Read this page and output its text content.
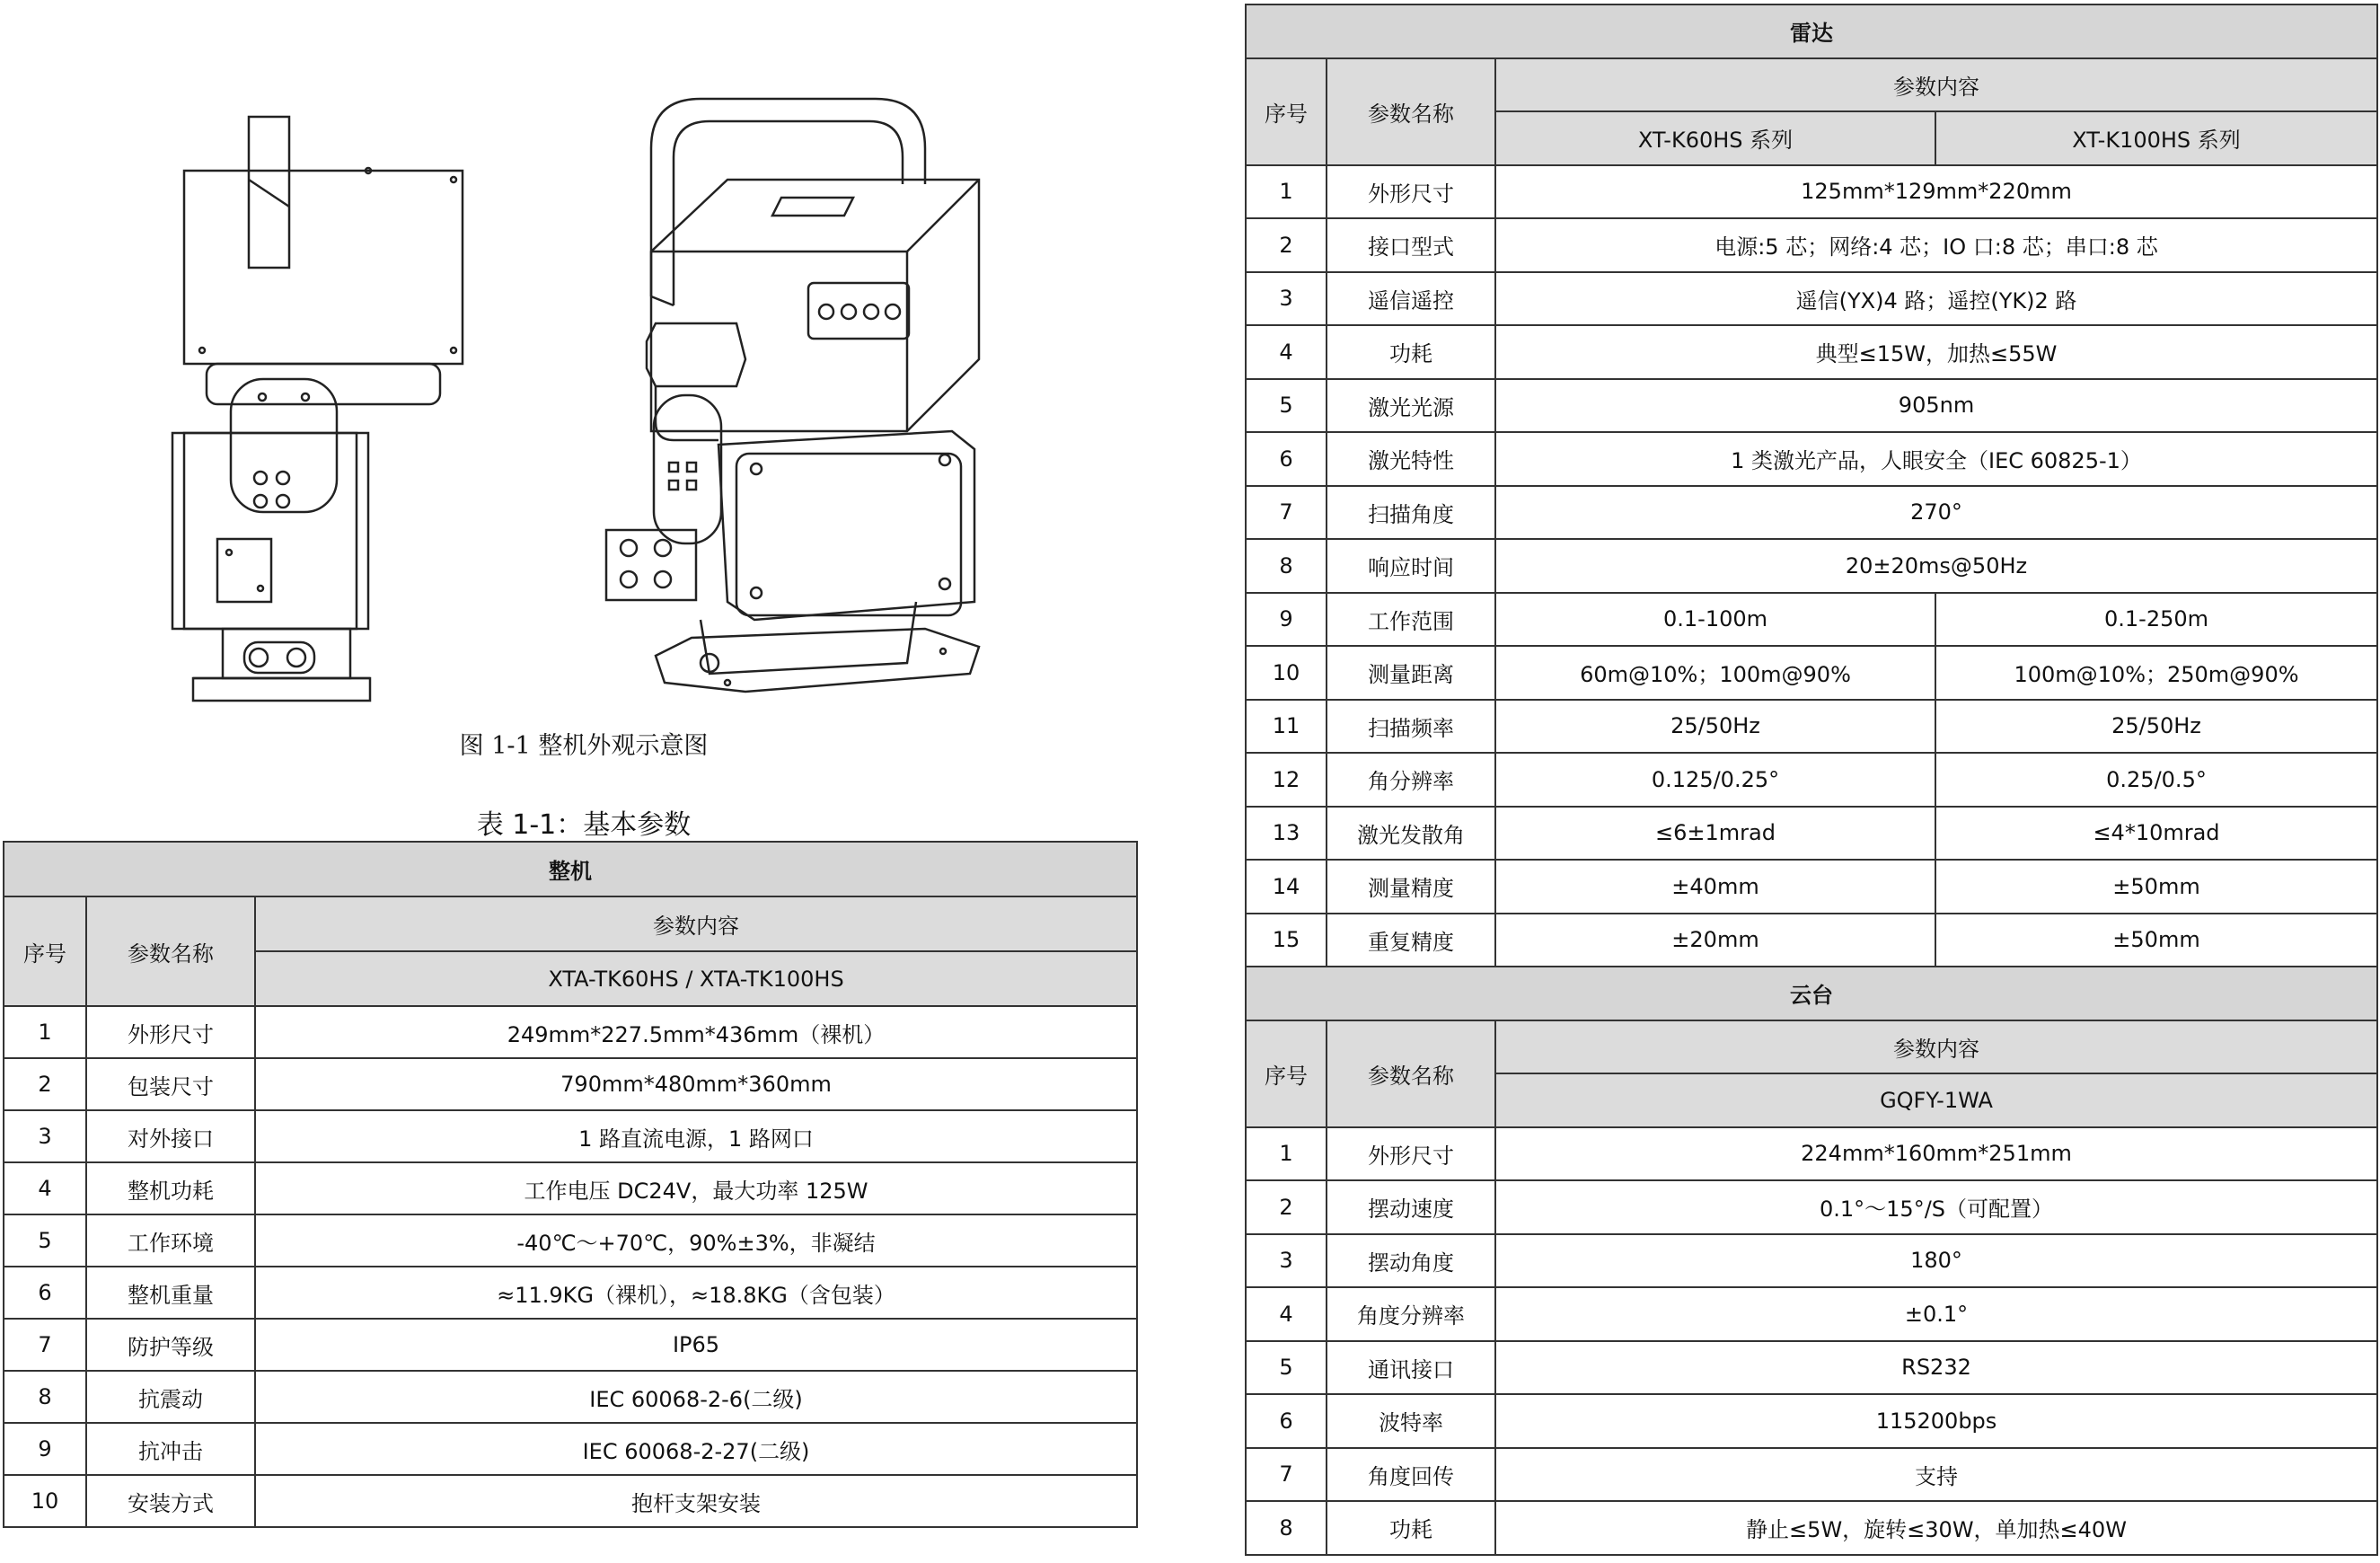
图 1-1 整机外观示意图
表 1-1：基本参数
整机		
序号	参数名称	参数内容
		XTA-TK60HS / XTA-TK100HS
1	外形尺寸	249mm*227.5mm*436mm（裸机）
2	包装尺寸	790mm*480mm*360mm
3	对外接口	1 路直流电源，1 路网口
4	整机功耗	工作电压 DC24V，最大功率 125W
5	工作环境	-40℃～+70℃，90%±3%，非凝结
6	整机重量	≈11.9KG（裸机），≈18.8KG（含包装）
7	防护等级	IP65
8	抗震动	IEC 60068-2-6(二级)
9	抗冲击	IEC 60068-2-27(二级)
10	安装方式	抱杆支架安装
雷达			
序号	参数名称	参数内容	
		XT-K60HS 系列	XT-K100HS 系列
1	外形尺寸	125mm*129mm*220mm	
2	接口型式	电源:5 芯；网络:4 芯；IO 口:8 芯；串口:8 芯	
3	遥信遥控	遥信(YX)4 路；遥控(YK)2 路	
4	功耗	典型≤15W，加热≤55W	
5	激光光源	905nm	
6	激光特性	1 类激光产品，人眼安全（IEC 60825-1）	
7	扫描角度	270°	
8	响应时间	20±20ms@50Hz	
9	工作范围	0.1-100m	0.1-250m
10	测量距离	60m@10%；100m@90%	100m@10%；250m@90%
11	扫描频率	25/50Hz	25/50Hz
12	角分辨率	0.125/0.25°	0.25/0.5°
13	激光发散角	≤6±1mrad	≤4*10mrad
14	测量精度	±40mm	±50mm
15	重复精度	±20mm	±50mm
云台			
序号	参数名称	参数内容	
		GQFY-1WA	
1	外形尺寸	224mm*160mm*251mm	
2	摆动速度	0.1°～15°/S（可配置）	
3	摆动角度	180°	
4	角度分辨率	±0.1°	
5	通讯接口	RS232	
6	波特率	115200bps	
7	角度回传	支持	
8	功耗	静止≤5W，旋转≤30W，单加热≤40W	
